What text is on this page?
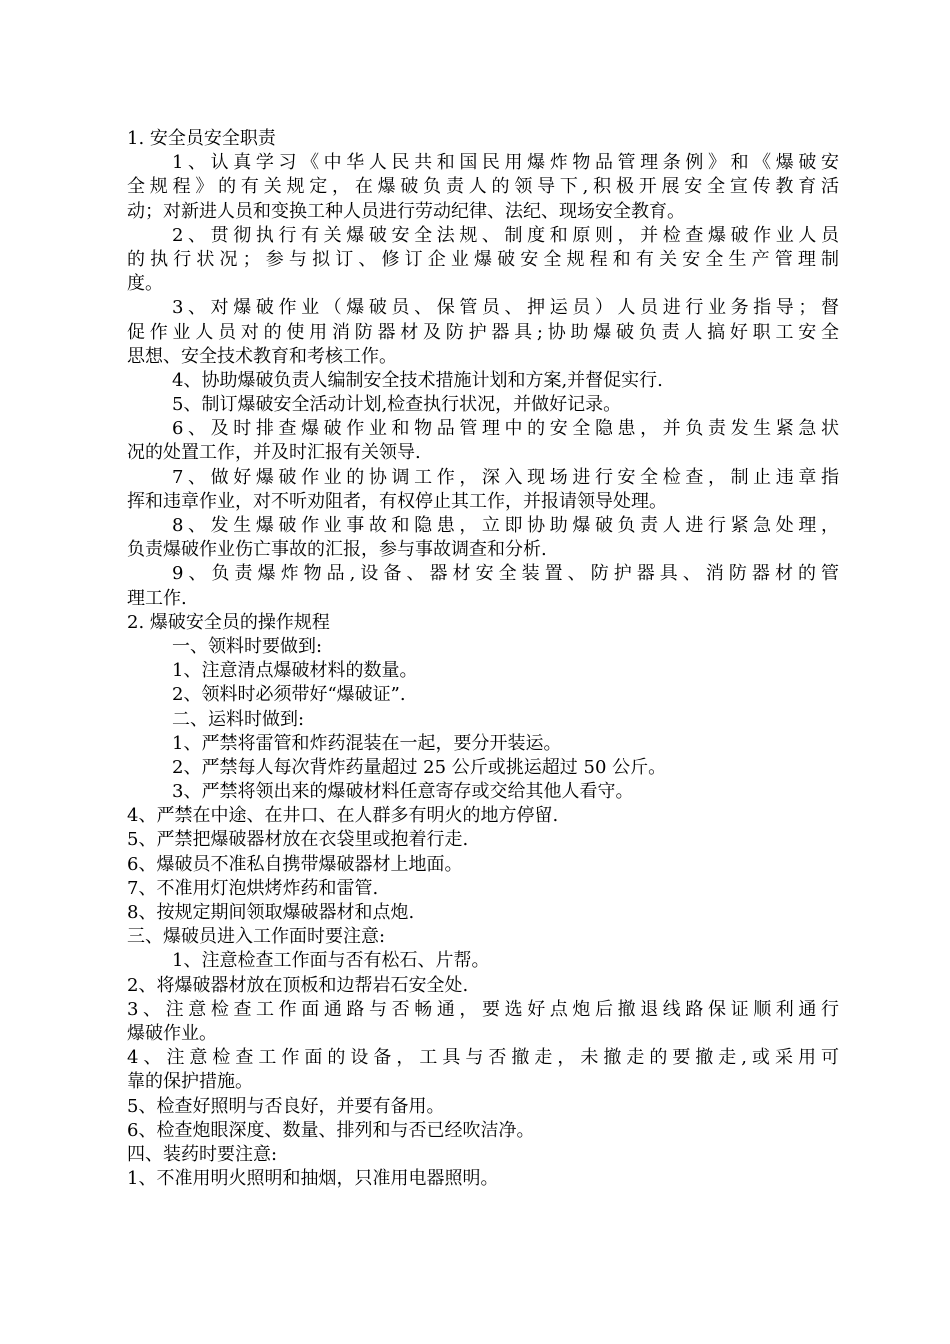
1. 安全员安全职责
1、认真学习《中华人民共和国民用爆炸物品管理条例》和《爆破安
全规程》的有关规定，在爆破负责人的领导下,积极开展安全宣传教育活
动；对新进人员和变换工种人员进行劳动纪律、法纪、现场安全教育。
2、贯彻执行有关爆破安全法规、制度和原则，并检查爆破作业人员
的执行状况；参与拟订、修订企业爆破安全规程和有关安全生产管理制
度。
3、对爆破作业（爆破员、保管员、押运员）人员进行业务指导；督
促作业人员对的使用消防器材及防护器具;协助爆破负责人搞好职工安全
思想、安全技术教育和考核工作。
4、协助爆破负责人编制安全技术措施计划和方案,并督促实行.
5、制订爆破安全活动计划,检查执行状况，并做好记录。
6、及时排查爆破作业和物品管理中的安全隐患，并负责发生紧急状
况的处置工作，并及时汇报有关领导.
7、做好爆破作业的协调工作，深入现场进行安全检查，制止违章指
挥和违章作业，对不听劝阻者，有权停止其工作，并报请领导处理。
8、发生爆破作业事故和隐患，立即协助爆破负责人进行紧急处理，
负责爆破作业伤亡事故的汇报，参与事故调查和分析.
9、负责爆炸物品,设备、器材安全装置、防护器具、消防器材的管
理工作.
2. 爆破安全员的操作规程
一、领料时要做到:
1、注意清点爆破材料的数量。
2、领料时必须带好“爆破证”.
二、运料时做到:
1、严禁将雷管和炸药混装在一起，要分开装运。
2、严禁每人每次背炸药量超过 25 公斤或挑运超过 50 公斤。
3、严禁将领出来的爆破材料任意寄存或交给其他人看守。
4、严禁在中途、在井口、在人群多有明火的地方停留.
5、严禁把爆破器材放在衣袋里或抱着行走.
6、爆破员不准私自携带爆破器材上地面。
7、不准用灯泡烘烤炸药和雷管.
8、按规定期间领取爆破器材和点炮.
三、爆破员进入工作面时要注意:
1、注意检查工作面与否有松石、片帮。
2、将爆破器材放在顶板和边帮岩石安全处.
3、注意检查工作面通路与否畅通，要选好点炮后撤退线路保证顺利通行
爆破作业。
4、注意检查工作面的设备，工具与否撤走，未撤走的要撤走,或采用可
靠的保护措施。
5、检查好照明与否良好，并要有备用。
6、检查炮眼深度、数量、排列和与否已经吹洁净。
四、装药时要注意:
1、不准用明火照明和抽烟，只准用电器照明。
